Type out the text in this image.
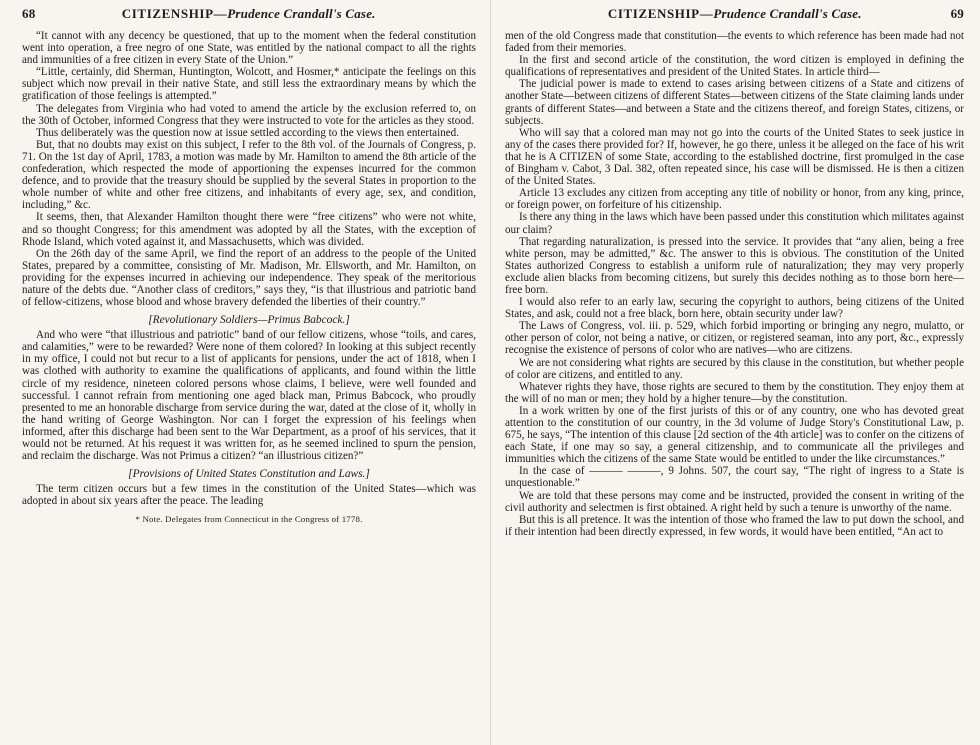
68	CITIZENSHIP—Prudence Crandall's Case.

“It cannot with any decency be questioned, that up to the moment when the federal constitution went into operation, a free negro of one State, was entitled by the national compact to all the rights and immunities of a free citizen in every State of the Union.”

“Little, certainly, did Sherman, Huntington, Wolcott, and Hosmer,* anticipate the feelings on this subject which now prevail in their native State, and still less the extraordinary means by which the gratification of those feelings is attempted.”

The delegates from Virginia who had voted to amend the article by the exclusion referred to, on the 30th of October, informed Congress that they were instructed to vote for the articles as they stood.

Thus deliberately was the question now at issue settled according to the views then entertained.

But, that no doubts may exist on this subject, I refer to the 8th vol. of the Journals of Congress, p. 71. On the 1st day of April, 1783, a motion was made by Mr. Hamilton to amend the 8th article of the confederation, which respected the mode of apportioning the expenses incurred for the common defence, and to provide that the treasury should be supplied by the several States in proportion to the whole number of white and other free citizens, and inhabitants of every age, sex, and condition, including,” &c.

It seems, then, that Alexander Hamilton thought there were “free citizens” who were not white, and so thought Congress; for this amendment was adopted by all the States, with the exception of Rhode Island, which voted against it, and Massachusetts, which was divided.

On the 26th day of the same April, we find the report of an address to the people of the United States, prepared by a committee, consisting of Mr. Madison, Mr. Ellsworth, and Mr. Hamilton, on providing for the expenses incurred in achieving our independence. They speak of the meritorious nature of the debts due. “Another class of creditors,” says they, “is that illustrious and patriotic band of fellow-citizens, whose blood and whose bravery defended the liberties of their country.”

[Revolutionary Soldiers—Primus Babcock.]

And who were “that illustrious and patriotic” band of our fellow citizens, whose “toils, and cares, and calamities,” were to be rewarded? Were none of them colored? In looking at this subject recently in my office, I could not but recur to a list of applicants for pensions, under the act of 1818, when I was clothed with authority to examine the qualifications of applicants, and found within the little circle of my residence, nineteen colored persons whose claims, I believe, were well founded and successful. I cannot refrain from mentioning one aged black man, Primus Babcock, who proudly presented to me an honorable discharge from service during the war, dated at the close of it, wholly in the hand writing of George Washington. Nor can I forget the expression of his feelings when informed, after this discharge had been sent to the War Department, as a proof of his services, that it would not be returned. At his request it was written for, as he seemed inclined to spurn the pension, and reclaim the discharge. Was not Primus a citizen? “an illustrious citizen?”

[Provisions of United States Constitution and Laws.]

The term citizen occurs but a few times in the constitution of the United States—which was adopted in about six years after the peace. The leading

* Note. Delegates from Connecticut in the Congress of 1778.
CITIZENSHIP—Prudence Crandall's Case.	69

men of the old Congress made that constitution—the events to which reference has been made had not faded from their memories.

In the first and second article of the constitution, the word citizen is employed in defining the qualifications of representatives and president of the United States. In article third—

The judicial power is made to extend to cases arising between citizens of a State and citizens of another State—between citizens of different States—between citizens of the State claiming lands under grants of different States—and between a State and the citizens thereof, and foreign States, citizens, or subjects.

Who will say that a colored man may not go into the courts of the United States to seek justice in any of the cases there provided for? If, however, he go there, unless it be alleged on the face of his writ that he is A CITIZEN of some State, according to the established doctrine, first promulged in the case of Bingham v. Cabot, 3 Dal. 382, often repeated since, his case will be dismissed. He is then a citizen of the United States.

Article 13 excludes any citizen from accepting any title of nobility or honor, from any king, prince, or foreign power, on forfeiture of his citizenship.

Is there any thing in the laws which have been passed under this constitution which militates against our claim?

That regarding naturalization, is pressed into the service. It provides that “any alien, being a free white person, may be admitted,” &c. The answer to this is obvious. The constitution of the United States authorized Congress to establish a uniform rule of naturalization; they may very properly exclude alien blacks from becoming citizens, but surely this decides nothing as to those born here—free born.

I would also refer to an early law, securing the copyright to authors, being citizens of the United States, and ask, could not a free black, born here, obtain security under law?

The Laws of Congress, vol. iii. p. 529, which forbid importing or bringing any negro, mulatto, or other person of color, not being a native, or citizen, or registered seaman, into any port, &c., expressly recognise the existence of persons of color who are natives—who are citizens.

We are not considering what rights are secured by this clause in the constitution, but whether people of color are citizens, and entitled to any.

Whatever rights they have, those rights are secured to them by the constitution. They enjoy them at the will of no man or men; they hold by a higher tenure—by the constitution.

In a work written by one of the first jurists of this or of any country, one who has devoted great attention to the constitution of our country, in the 3d volume of Judge Story's Constitutional Law, p. 675, he says, “The intention of this clause [2d section of the 4th article] was to confer on the citizens of each State, if one may so say, a general citizenship, and to communicate all the privileges and immunities which the citizens of the same State would be entitled to under the like circumstances.”

In the case of ——— ———, 9 Johns. 507, the court say, “The right of ingress to a State is unquestionable.”

We are told that these persons may come and be instructed, provided the consent in writing of the civil authority and selectmen is first obtained. A right held by such a tenure is unworthy of the name.

But this is all pretence. It was the intention of those who framed the law to put down the school, and if their intention had been directly expressed, in few words, it would have been entitled, “An act to
